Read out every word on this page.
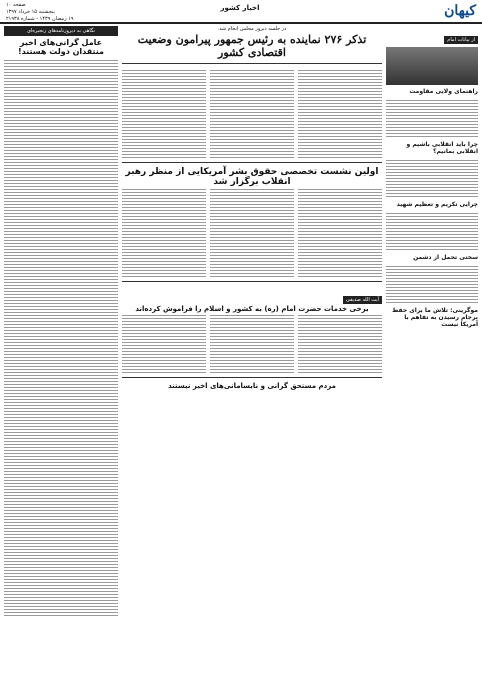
کیهان
اخبار کشور
صفحه ۱۰
پنجشنبه ۱۵ خرداد ۱۳۹۷
۱۹ رمضان ۱۴۳۹ - شماره ۲۱۹۳۸
از بیانات امام
راهنمای ولایی مقاومت
چرا باید انقلابی باشیم و انقلابی بمانیم؟
چرایی تکریم و تعظیم شهید
سختی تحمل از دشمن
موگرینی: تلاش ما برای حفظ برجام رسیدن به تفاهم با آمریکا نیست
در جلسه دیروز مجلس انجام شد.
تذکر ۲۷۶ نماینده به رئیس جمهور پیرامون وضعیت اقتصادی کشور
اولین نشست تخصصی حقوق بشر آمریکایی از منظر رهبر انقلاب برگزار شد
آیت الله صدیقی
برخی خدمات حضرت امام (ره) به کشور و اسلام را فراموش کرده‌اند
مردم مستحق گرانی و نابسامانی‌های اخیر نیستند
نگاهی به دیروزنامه‌های زنجیره‌ای
عامل گرانی‌های اخیر منتقدان دولت هستند!
